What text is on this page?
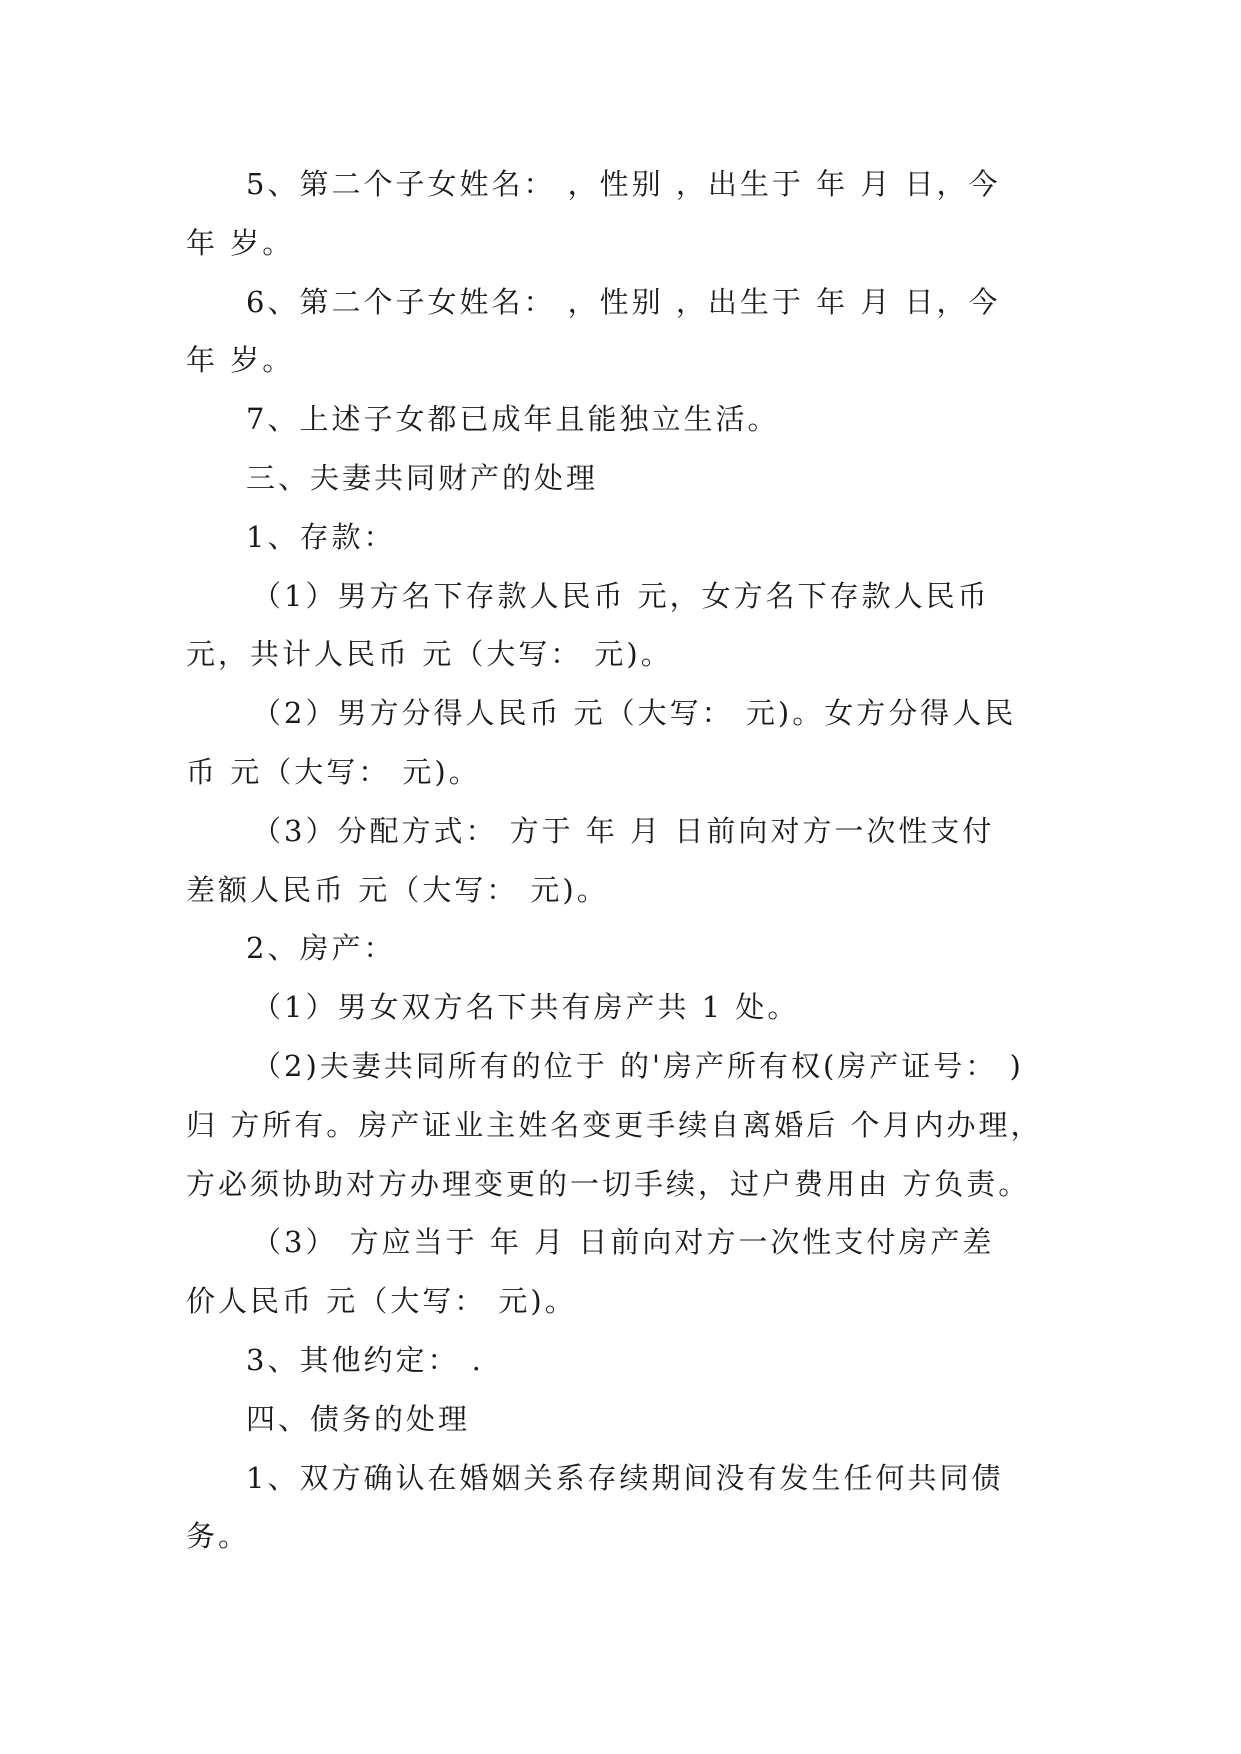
5、第二个子女姓名： ，性别 ，出生于 年 月 日，今
年 岁。
6、第二个子女姓名： ，性别 ，出生于 年 月 日，今
年 岁。
7、上述子女都已成年且能独立生活。
三、夫妻共同财产的处理
1、存款：
（1）男方名下存款人民币 元，女方名下存款人民币
元，共计人民币 元（大写： 元)。
（2）男方分得人民币 元（大写： 元)。女方分得人民
币 元（大写： 元)。
（3）分配方式： 方于 年 月 日前向对方一次性支付
差额人民币 元（大写： 元)。
2、房产：
（1）男女双方名下共有房产共 1 处。
（2)夫妻共同所有的位于 的'房产所有权(房产证号： )
归 方所有。房产证业主姓名变更手续自离婚后 个月内办理，
方必须协助对方办理变更的一切手续，过户费用由 方负责。
（3） 方应当于 年 月 日前向对方一次性支付房产差
价人民币 元（大写： 元)。
3、其他约定： .
四、债务的处理
1、双方确认在婚姻关系存续期间没有发生任何共同债
务。
